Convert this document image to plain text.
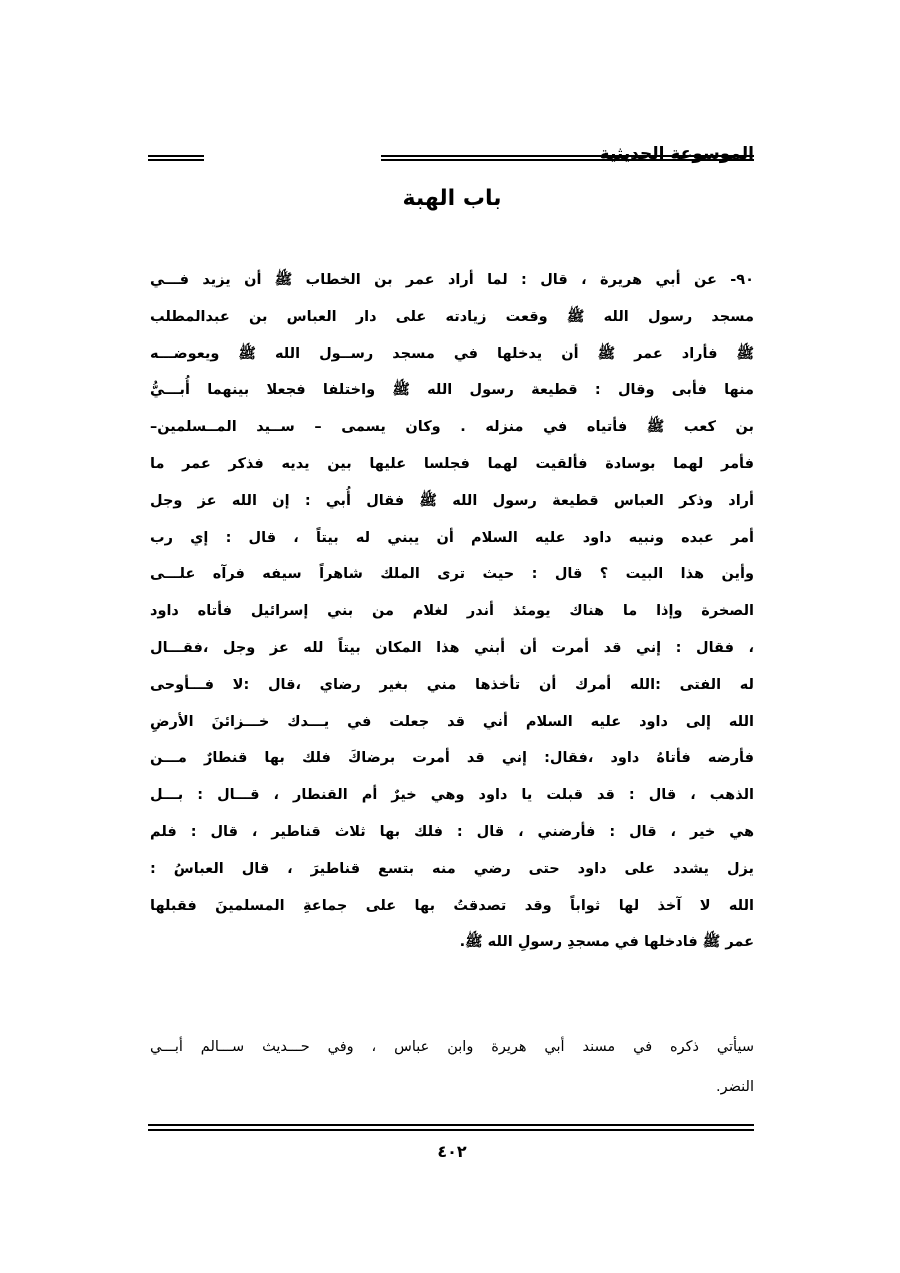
الموسوعة الحديثية
باب الهبة
٩٠- عن أبي هريرة ، قال : لما أراد عمر بن الخطاب ﷺ أن يزيد فـــي
مسجد رسول الله ﷺ وقعت زيادته على دار العباس بن عبدالمطلب
ﷺ فأراد عمر ﷺ أن يدخلها في مسجد رســول الله ﷺ ويعوضـــه
منها فأبى وقال : قطيعة رسول الله ﷺ واختلفا فجعلا بينهما أُبـــيُّ
بن كعب ﷺ فأتياه في منزله . وكان يسمى – ســيد المــسلمين–
فأمر لهما بوسادة فألقيت لهما فجلسا عليها بين يديه فذكر عمر ما
أراد وذكر العباس قطيعة رسول الله ﷺ فقال أُبي : إن الله عز وجل
أمر عبده ونبيه داود عليه السلام أن يبني له بيتاً ، قال : إي رب
وأين هذا البيت ؟ قال : حيث ترى الملك شاهراً سيفه فرآه علـــى
الصخرة وإذا ما هناك يومئذ أندر لغلام من بني إسرائيل فأتاه داود
، فقال : إني قد أمرت أن أبني هذا المكان بيتاً لله عز وجل ،فقـــال
له الفتى :الله أمرك أن تأخذها مني بغير رضاي ،قال :لا فـــأوحى
الله إلى داود عليه السلام أني قد جعلت في يـــدك خـــزائنَ الأرضِ
فأرضه فأتاهُ داود ،فقال: إني قد أمرت برضاكَ فلك بها قنطارٌ مـــن
الذهب ، قال : قد قبلت يا داود وهي خيرٌ أم القنطار ، قـــال : بـــل
هي خير ، قال : فأرضني ، قال : فلك بها ثلاث قناطير ، قال : فلم
يزل يشدد على داود حتى رضي منه بتسع قناطيرَ ، قال العباسُ :
الله لا آخذ لها ثواباً وقد تصدقتُ بها على جماعةِ المسلمينَ فقبلها
عمر ﷺ فادخلها في مسجدِ رسولِ الله ﷺ.
سيأتي ذكره في مسند أبي هريرة وابن عباس ، وفي حـــديث ســـالم أبـــي
النضر.
٤٠٢
